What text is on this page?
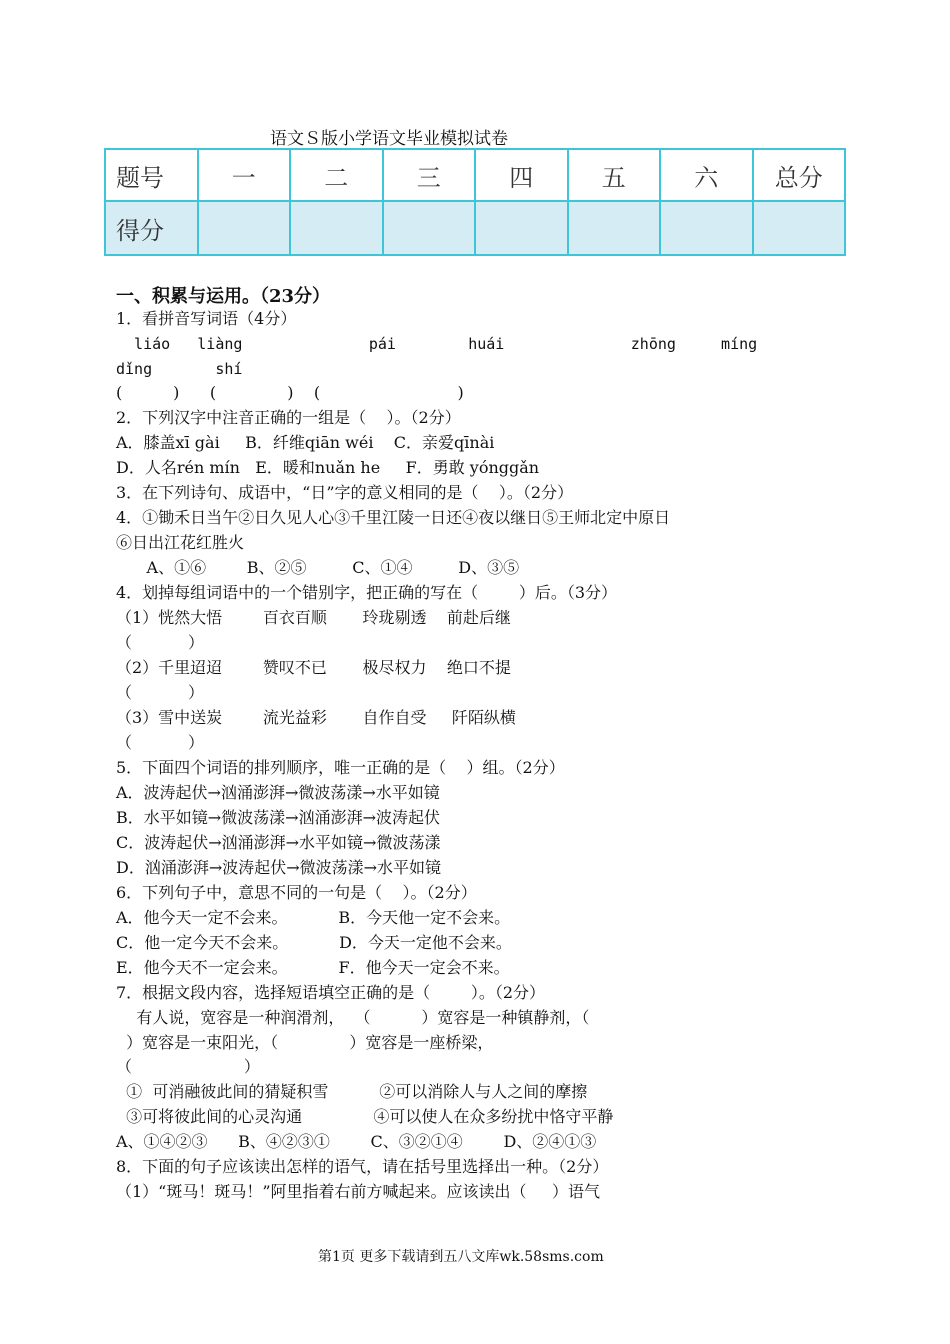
语文Ｓ版小学语文毕业模拟试卷
题号	一	二	三	四	五	六	总分
得分							
一、积累与运用。（23分）
1．看拼音写词语（4分）
liáo   liàng              pái        huái              zhōng     míng
dǐng       shí
(          )      (              )    (                           )
2．下列汉字中注音正确的一组是（    ）。（2分）
A．膝盖xī gài     B．纤维qiān wéi    C．亲爱qīnài
D．人名rén mín   E．暖和nuǎn he     F．勇敢 yónggǎn
3．在下列诗句、成语中，“日”字的意义相同的是（    ）。（2分）
4．①锄禾日当午②日久见人心③千里江陵一日还④夜以继日⑤王师北定中原日
⑥日出江花红胜火
A、①⑥        B、②⑤         C、①④         D、③⑤
4．划掉每组词语中的一个错别字，把正确的写在（        ）后。（3分）
（1）恍然大悟        百衣百顺       玲珑剔透    前赴后继
（           ）
（2）千里迢迢        赞叹不已       极尽权力    绝口不提
（           ）
（3）雪中送炭        流光益彩       自作自受     阡陌纵横
（           ）
5．下面四个词语的排列顺序，唯一正确的是（    ）组。（2分）
A．波涛起伏→汹涌澎湃→微波荡漾→水平如镜
B．水平如镜→微波荡漾→汹涌澎湃→波涛起伏
C．波涛起伏→汹涌澎湃→水平如镜→微波荡漾
D．汹涌澎湃→波涛起伏→微波荡漾→水平如镜
6．下列句子中，意思不同的一句是（    ）。（2分）
A．他今天一定不会来。          B．今天他一定不会来。
C．他一定今天不会来。          D．今天一定他不会来。
E．他今天不一定会来。          F．他今天一定会不来。
7．根据文段内容，选择短语填空正确的是（        ）。（2分）
有人说，宽容是一种润滑剂，  （          ）宽容是一种镇静剂，（
）宽容是一束阳光，（              ）宽容是一座桥梁，
（                      ）
①  可消融彼此间的猜疑积雪          ②可以消除人与人之间的摩擦
③可将彼此间的心灵沟通              ④可以使人在众多纷扰中恪守平静
A、①④②③      B、④②③①        C、③②①④        D、②④①③
8．下面的句子应该读出怎样的语气，请在括号里选择出一种。（2分）
（1）“斑马！斑马！”阿里指着右前方喊起来。应该读出（     ）语气
第1页 更多下载请到五八文库wk.58sms.com
